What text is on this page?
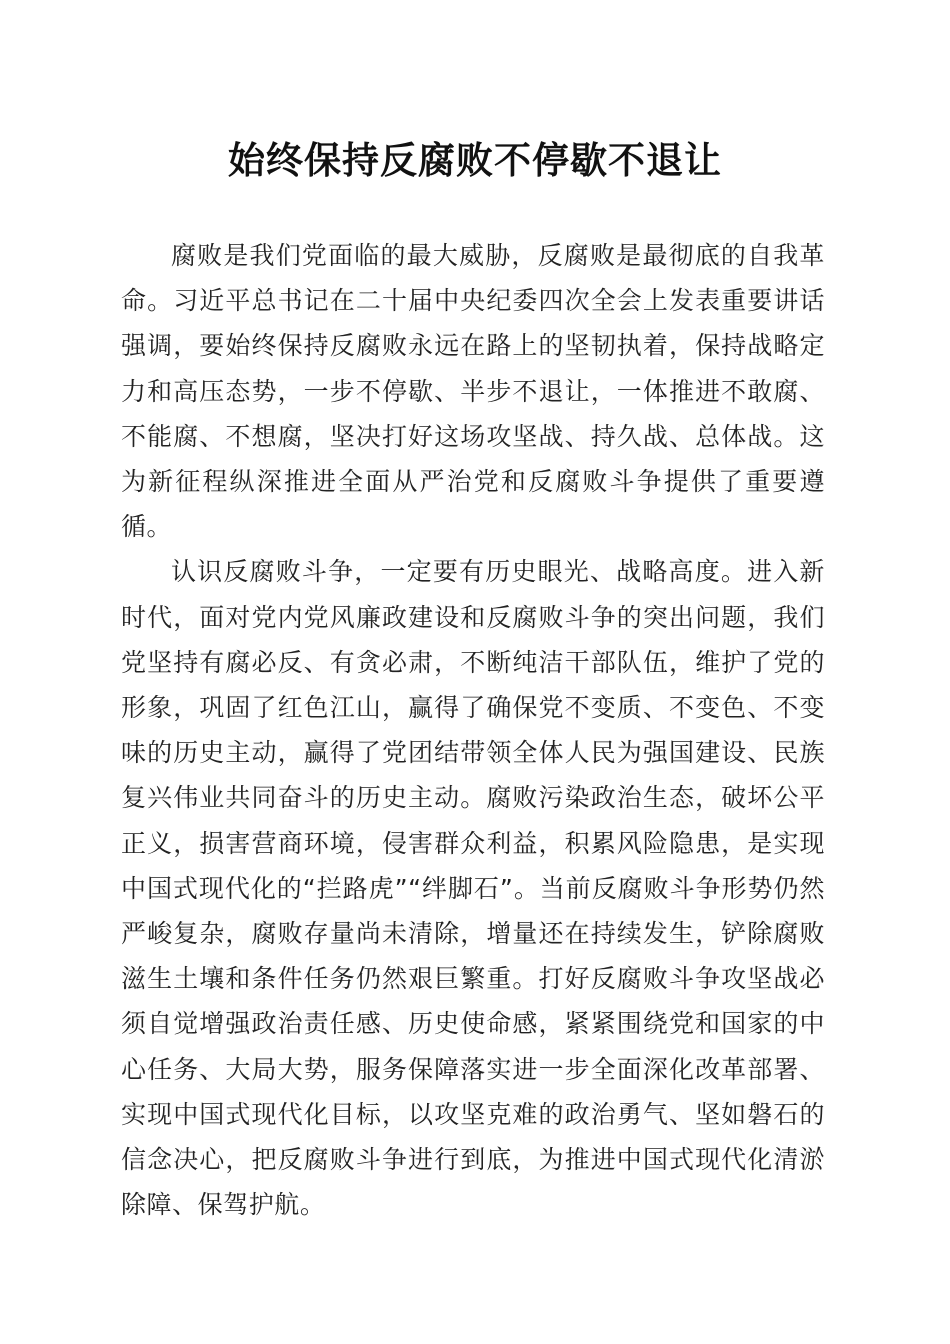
始终保持反腐败不停歇不退让

腐败是我们党面临的最大威胁，反腐败是最彻底的自我革命。习近平总书记在二十届中央纪委四次全会上发表重要讲话强调，要始终保持反腐败永远在路上的坚韧执着，保持战略定力和高压态势，一步不停歇、半步不退让，一体推进不敢腐、不能腐、不想腐，坚决打好这场攻坚战、持久战、总体战。这为新征程纵深推进全面从严治党和反腐败斗争提供了重要遵循。

认识反腐败斗争，一定要有历史眼光、战略高度。进入新时代，面对党内党风廉政建设和反腐败斗争的突出问题，我们党坚持有腐必反、有贪必肃，不断纯洁干部队伍，维护了党的形象，巩固了红色江山，赢得了确保党不变质、不变色、不变味的历史主动，赢得了党团结带领全体人民为强国建设、民族复兴伟业共同奋斗的历史主动。腐败污染政治生态，破坏公平正义，损害营商环境，侵害群众利益，积累风险隐患，是实现中国式现代化的“拦路虎”“绊脚石”。当前反腐败斗争形势仍然严峻复杂，腐败存量尚未清除，增量还在持续发生，铲除腐败滋生土壤和条件任务仍然艰巨繁重。打好反腐败斗争攻坚战必须自觉增强政治责任感、历史使命感，紧紧围绕党和国家的中心任务、大局大势，服务保障落实进一步全面深化改革部署、实现中国式现代化目标，以攻坚克难的政治勇气、坚如磐石的信念决心，把反腐败斗争进行到底，为推进中国式现代化清淤除障、保驾护航。
